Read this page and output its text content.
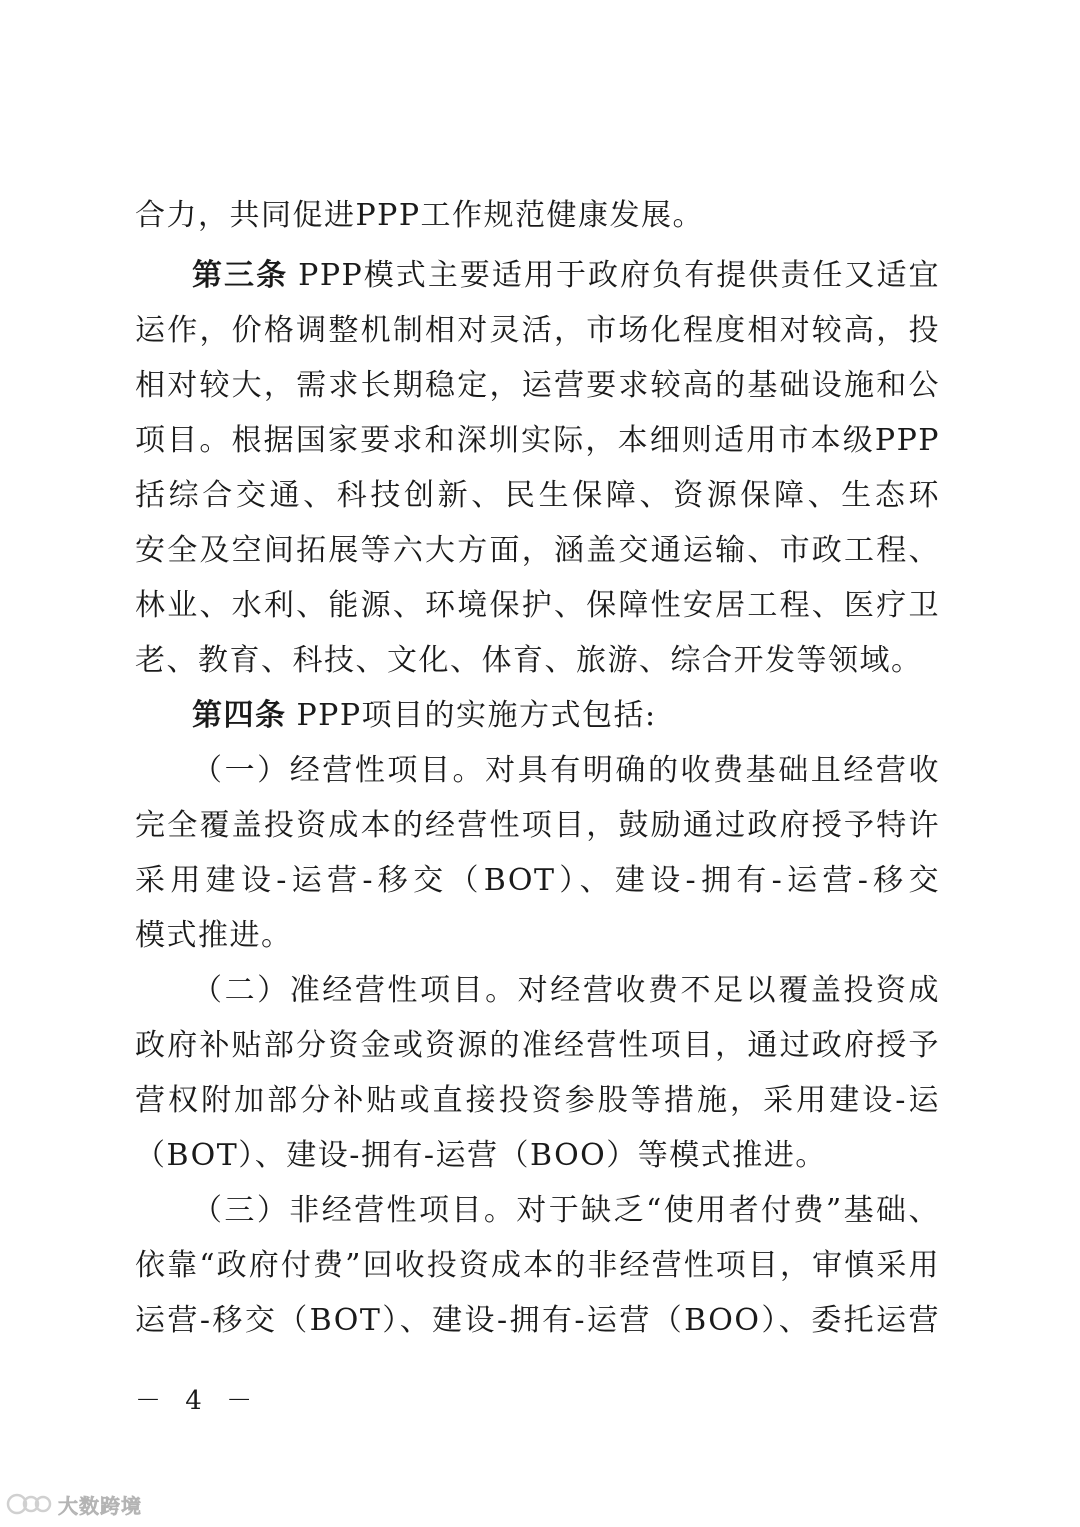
合力，共同促进PPP工作规范健康发展。
第三条 PPP模式主要适用于政府负有提供责任又适宜
运作，价格调整机制相对灵活，市场化程度相对较高，投
相对较大，需求长期稳定，运营要求较高的基础设施和公
项目。根据国家要求和深圳实际，本细则适用市本级PPP
括综合交通、科技创新、民生保障、资源保障、生态环
安全及空间拓展等六大方面，涵盖交通运输、市政工程、
林业、水利、能源、环境保护、保障性安居工程、医疗卫
老、教育、科技、文化、体育、旅游、综合开发等领域。
第四条 PPP项目的实施方式包括:
（一）经营性项目。对具有明确的收费基础且经营收
完全覆盖投资成本的经营性项目，鼓励通过政府授予特许
采用建设-运营-移交（BOT）、建设-拥有-运营-移交
模式推进。
（二）准经营性项目。对经营收费不足以覆盖投资成
政府补贴部分资金或资源的准经营性项目，通过政府授予
营权附加部分补贴或直接投资参股等措施，采用建设-运
（BOT）、建设-拥有-运营（BOO）等模式推进。
（三）非经营性项目。对于缺乏“使用者付费”基础、
依靠“政府付费”回收投资成本的非经营性项目，审慎采用
运营-移交（BOT）、建设-拥有-运营（BOO）、委托运营
－ 4 －
大数跨境
